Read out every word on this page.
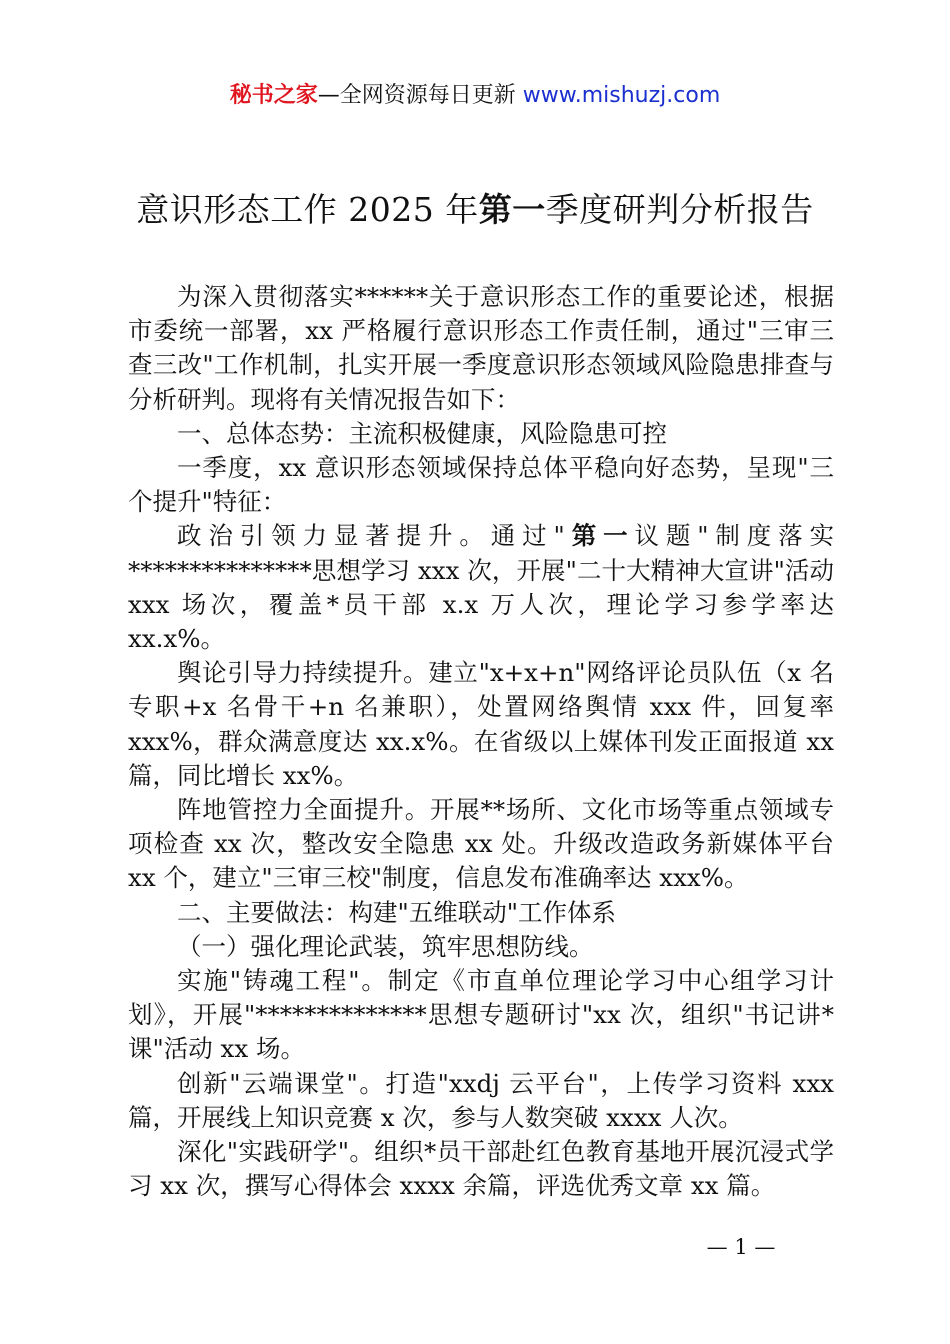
秘书之家—全网资源每日更新 www.mishuzj.com
意识形态工作 2025 年第一季度研判分析报告

为深入贯彻落实******关于意识形态工作的重要论述，根据市委统一部署，xx 严格履行意识形态工作责任制，通过"三审三查三改"工作机制，扎实开展一季度意识形态领域风险隐患排查与分析研判。现将有关情况报告如下：

一、总体态势：主流积极健康，风险隐患可控

一季度，xx 意识形态领域保持总体平稳向好态势，呈现"三个提升"特征：

政治引领力显著提升。通过"第一议题"制度落实***************思想学习 xxx 次，开展"二十大精神大宣讲"活动 xxx 场次，覆盖*员干部 x.x 万人次，理论学习参学率达 xx.x%。

舆论引导力持续提升。建立"x+x+n"网络评论员队伍（x 名专职+x 名骨干+n 名兼职），处置网络舆情 xxx 件，回复率 xxx%，群众满意度达 xx.x%。在省级以上媒体刊发正面报道 xx 篇，同比增长 xx%。

阵地管控力全面提升。开展**场所、文化市场等重点领域专项检查 xx 次，整改安全隐患 xx 处。升级改造政务新媒体平台 xx 个，建立"三审三校"制度，信息发布准确率达 xxx%。

二、主要做法：构建"五维联动"工作体系

（一）强化理论武装，筑牢思想防线。

实施"铸魂工程"。制定《市直单位理论学习中心组学习计划》，开展"**************思想专题研讨"xx 次，组织"书记讲*课"活动 xx 场。

创新"云端课堂"。打造"xxdj 云平台"，上传学习资料 xxx 篇，开展线上知识竞赛 x 次，参与人数突破 xxxx 人次。

深化"实践研学"。组织*员干部赴红色教育基地开展沉浸式学习 xx 次，撰写心得体会 xxxx 余篇，评选优秀文章 xx 篇。

— 1 —
